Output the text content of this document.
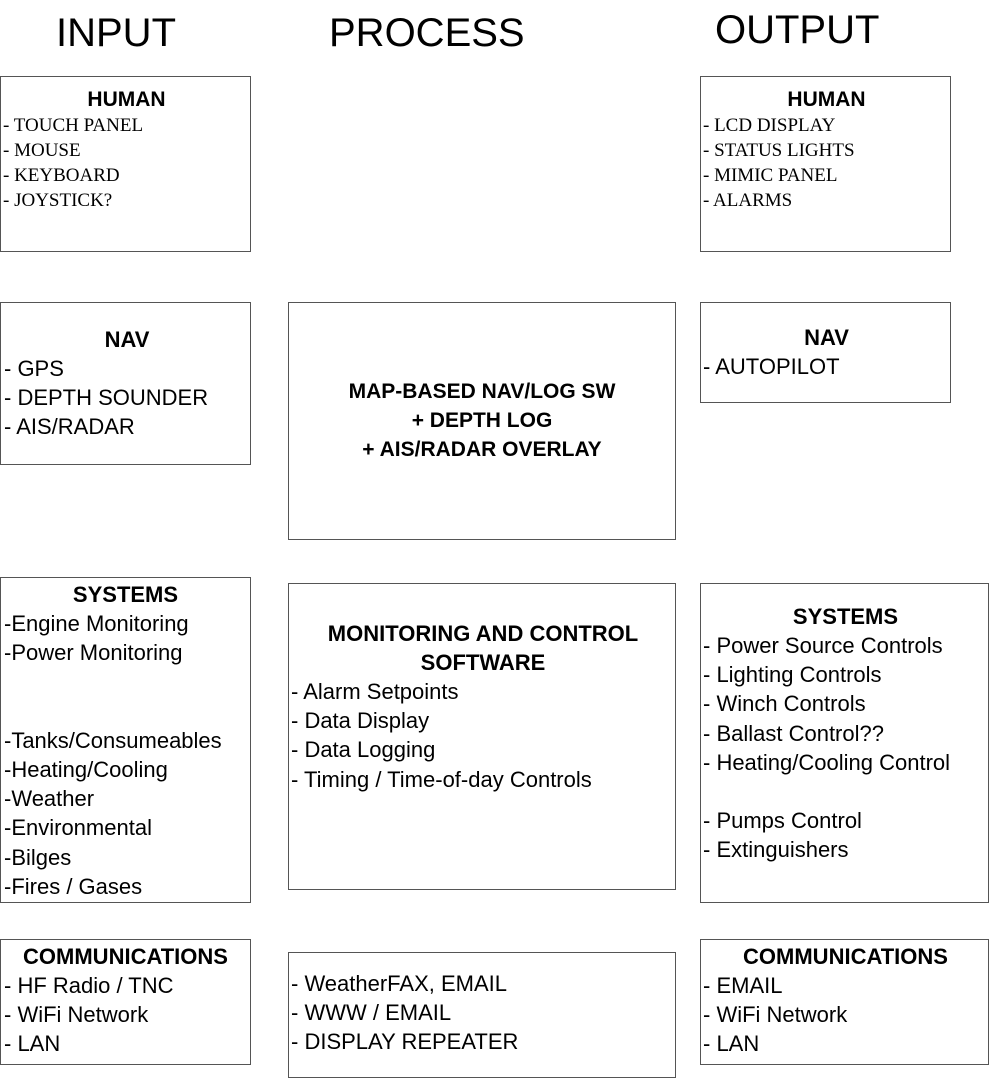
INPUT	PROCESS	OUTPUT
HUMAN
- TOUCH PANEL
- MOUSE
- KEYBOARD
- JOYSTICK?
NAV
- GPS
- DEPTH SOUNDER
- AIS/RADAR
SYSTEMS
-Engine Monitoring
-Power Monitoring
-Tanks/Consumeables
-Heating/Cooling
-Weather
-Environmental
-Bilges
-Fires / Gases
COMMUNICATIONS
- HF Radio / TNC
- WiFi Network
- LAN
MAP-BASED NAV/LOG SW
+ DEPTH LOG
+ AIS/RADAR OVERLAY
MONITORING AND CONTROL
SOFTWARE
- Alarm Setpoints
- Data Display
- Data Logging
- Timing / Time-of-day Controls
- WeatherFAX, EMAIL
- WWW / EMAIL
- DISPLAY REPEATER
HUMAN
- LCD DISPLAY
- STATUS LIGHTS
- MIMIC PANEL
- ALARMS
NAV
- AUTOPILOT
SYSTEMS
- Power Source Controls
- Lighting Controls
- Winch Controls
- Ballast Control??
- Heating/Cooling Control
- Pumps Control
- Extinguishers
COMMUNICATIONS
- EMAIL
- WiFi Network
- LAN
